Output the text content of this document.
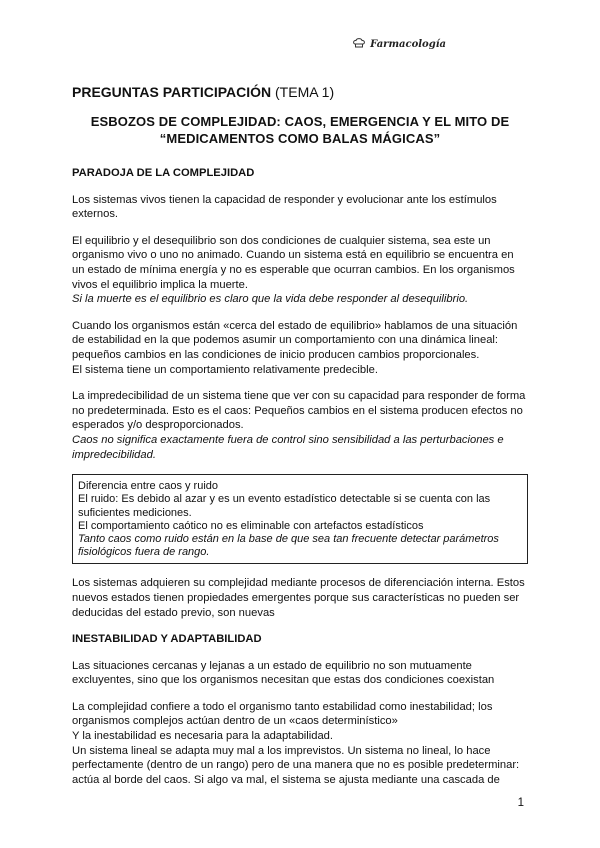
Farmacología
PREGUNTAS PARTICIPACIÓN (TEMA 1)
ESBOZOS DE COMPLEJIDAD: CAOS, EMERGENCIA Y EL MITO DE
“MEDICAMENTOS COMO BALAS MÁGICAS”
PARADOJA DE LA COMPLEJIDAD

Los sistemas vivos tienen la capacidad de responder y evolucionar ante los estímulos externos.

El equilibrio y el desequilibrio son dos condiciones de cualquier sistema, sea este un organismo vivo o uno no animado. Cuando un sistema está en equilibrio se encuentra en un estado de mínima energía y no es esperable que ocurran cambios. En los organismos vivos el equilibrio implica la muerte.
Si la muerte es el equilibrio es claro que la vida debe responder al desequilibrio.

Cuando los organismos están «cerca del estado de equilibrio» hablamos de una situación de estabilidad en la que podemos asumir un comportamiento con una dinámica lineal: pequeños cambios en las condiciones de inicio producen cambios proporcionales.
El sistema tiene un comportamiento relativamente predecible.

La impredecibilidad de un sistema tiene que ver con su capacidad para responder de forma no predeterminada. Esto es el caos: Pequeños cambios en el sistema producen efectos no esperados y/o desproporcionados.
Caos no significa exactamente fuera de control sino sensibilidad a las perturbaciones e impredecibilidad.

Diferencia entre caos y ruido
El ruido: Es debido al azar y es un evento estadístico detectable si se cuenta con las suficientes mediciones.
El comportamiento caótico no es eliminable con artefactos estadísticos
Tanto caos como ruido están en la base de que sea tan frecuente detectar parámetros fisiológicos fuera de rango.

Los sistemas adquieren su complejidad mediante procesos de diferenciación interna. Estos nuevos estados tienen propiedades emergentes porque sus características no pueden ser deducidas del estado previo, son nuevas

INESTABILIDAD Y ADAPTABILIDAD

Las situaciones cercanas y lejanas a un estado de equilibrio no son mutuamente excluyentes, sino que los organismos necesitan que estas dos condiciones coexistan

La complejidad confiere a todo el organismo tanto estabilidad como inestabilidad; los organismos complejos actúan dentro de un «caos determinístico»
Y la inestabilidad es necesaria para la adaptabilidad.
Un sistema lineal se adapta muy mal a los imprevistos. Un sistema no lineal, lo hace perfectamente (dentro de un rango) pero de una manera que no es posible predeterminar: actúa al borde del caos. Si algo va mal, el sistema se ajusta mediante una cascada de

1
